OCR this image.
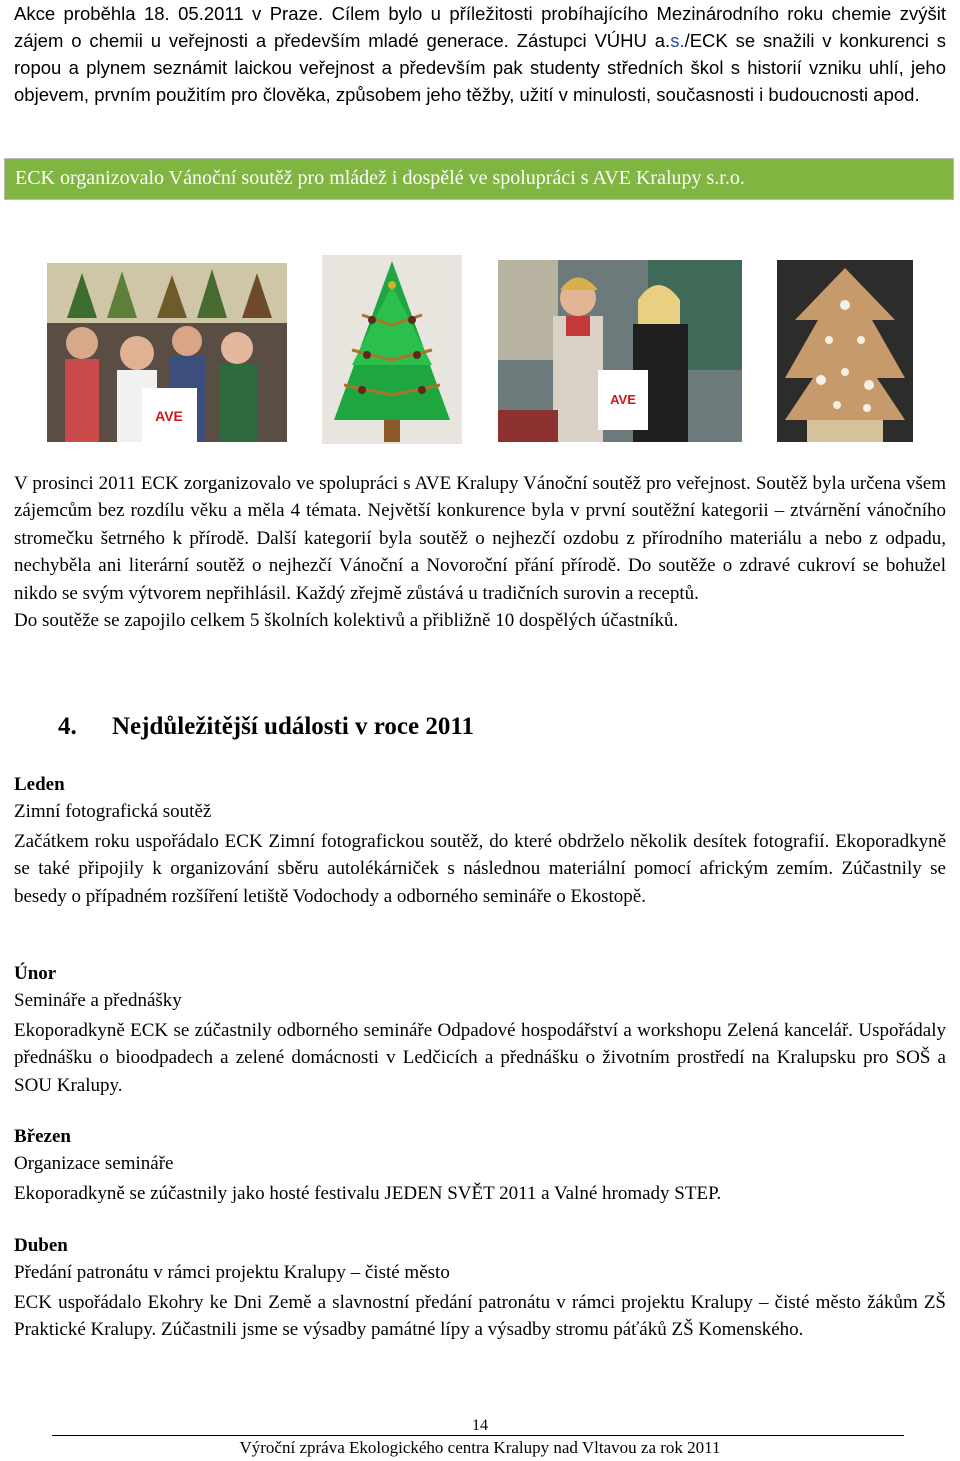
Akce proběhla 18. 05.2011 v Praze. Cílem bylo u příležitosti probíhajícího Mezinárodního roku chemie zvýšit zájem o chemii u veřejnosti a především mladé generace. Zástupci VÚHU a.s./ECK se snažili v konkurenci s ropou a plynem seznámit laickou veřejnost a především pak studenty středních škol s historií vzniku uhlí, jeho objevem, prvním použitím pro člověka, způsobem jeho těžby, užití v minulosti, současnosti i budoucnosti apod.
ECK organizovalo Vánoční soutěž pro mládež i dospělé ve spolupráci s AVE Kralupy s.r.o.
AVE
AVE

V prosinci 2011 ECK zorganizovalo ve spolupráci s AVE Kralupy Vánoční soutěž pro veřejnost. Soutěž byla určena všem zájemcům bez rozdílu věku a měla 4 témata. Největší konkurence byla v první soutěžní kategorii – ztvárnění vánočního stromečku šetrného k přírodě. Další kategorií byla soutěž o nejhezčí ozdobu z přírodního materiálu a nebo z odpadu, nechyběla ani literární soutěž o nejhezčí Vánoční a Novoroční přání přírodě. Do soutěže o zdravé cukroví se bohužel nikdo se svým výtvorem nepřihlásil. Každý zřejmě zůstává u tradičních surovin a receptů.

Do soutěže se zapojilo celkem 5 školních kolektivů a přibližně 10 dospělých účastníků.

4. Nejdůležitější události v roce 2011
Leden
Zimní fotografická soutěž
Začátkem roku uspořádalo ECK Zimní fotografickou soutěž, do které obdrželo několik desítek fotografií. Ekoporadkyně se také připojily k organizování sběru autolékárniček s následnou materiální pomocí africkým zemím. Zúčastnily se besedy o případném rozšíření letiště Vodochody a odborného semináře o Ekostopě.
Únor
Semináře a přednášky
Ekoporadkyně ECK se zúčastnily odborného semináře Odpadové hospodářství a workshopu Zelená kancelář. Uspořádaly přednášku o bioodpadech a zelené domácnosti v Ledčicích a přednášku o životním prostředí na Kralupsku pro SOŠ a SOU Kralupy.
Březen
Organizace semináře
Ekoporadkyně se zúčastnily jako hosté festivalu JEDEN SVĚT 2011 a Valné hromady STEP.
Duben
Předání patronátu v rámci projektu Kralupy – čisté město
ECK uspořádalo Ekohry ke Dni Země a slavnostní předání patronátu v rámci projektu Kralupy – čisté město žákům ZŠ Praktické Kralupy. Zúčastnili jsme se výsadby památné lípy a výsadby stromu páťáků ZŠ Komenského.
14
Výroční zpráva Ekologického centra Kralupy nad Vltavou za rok 2011
